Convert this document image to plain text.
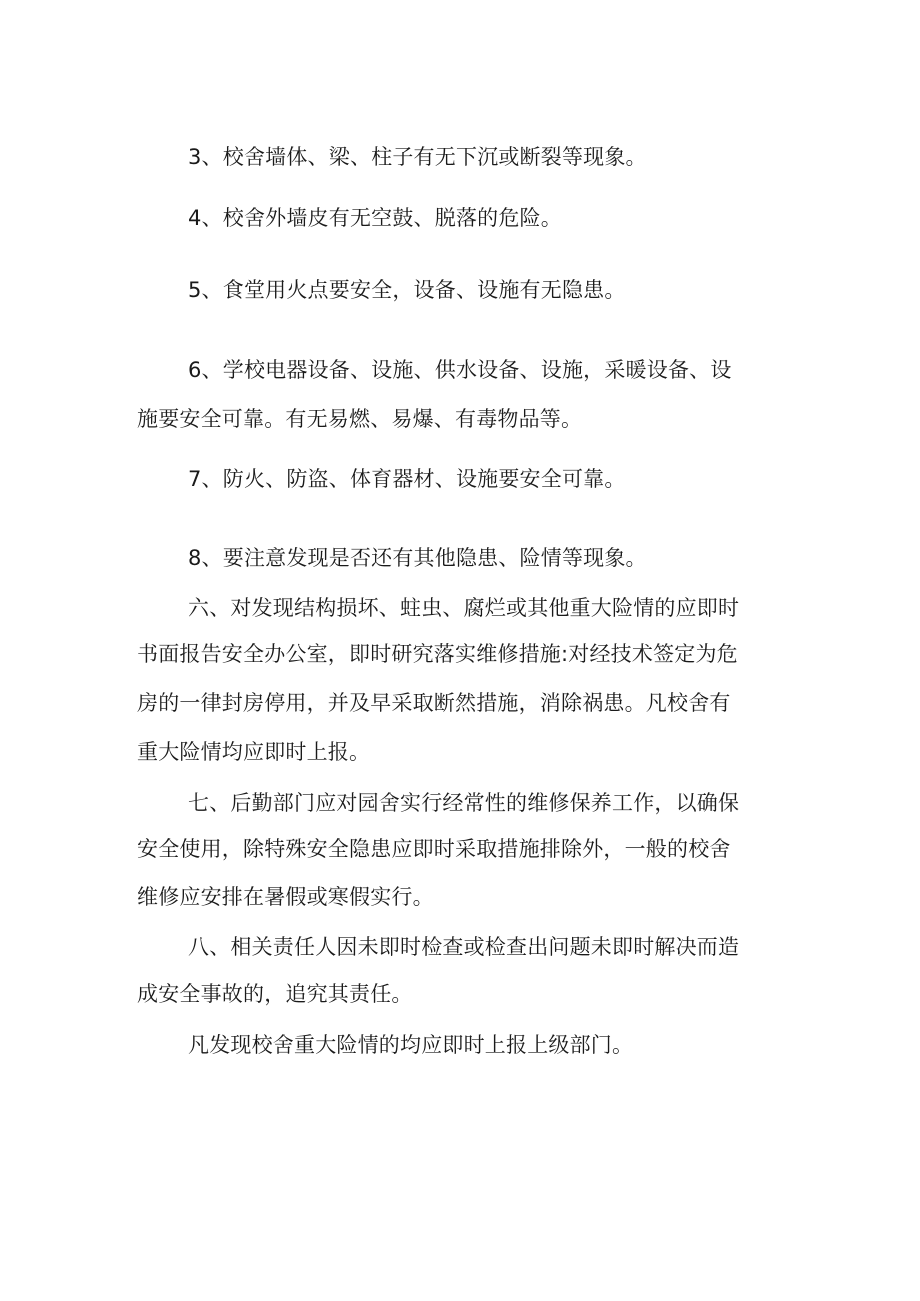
3、校舍墙体、梁、柱子有无下沉或断裂等现象。

4、校舍外墙皮有无空鼓、脱落的危险。

5、食堂用火点要安全，设备、设施有无隐患。

6、学校电器设备、设施、供水设备、设施，采暖设备、设

施要安全可靠。有无易燃、易爆、有毒物品等。

7、防火、防盗、体育器材、设施要安全可靠。

8、要注意发现是否还有其他隐患、险情等现象。

六、对发现结构损坏、蛀虫、腐烂或其他重大险情的应即时

书面报告安全办公室，即时研究落实维修措施:对经技术签定为危

房的一律封房停用，并及早采取断然措施，消除祸患。凡校舍有

重大险情均应即时上报。

七、后勤部门应对园舍实行经常性的维修保养工作，以确保

安全使用，除特殊安全隐患应即时采取措施排除外，一般的校舍

维修应安排在暑假或寒假实行。

八、相关责任人因未即时检查或检查出问题未即时解决而造

成安全事故的，追究其责任。

凡发现校舍重大险情的均应即时上报上级部门。
